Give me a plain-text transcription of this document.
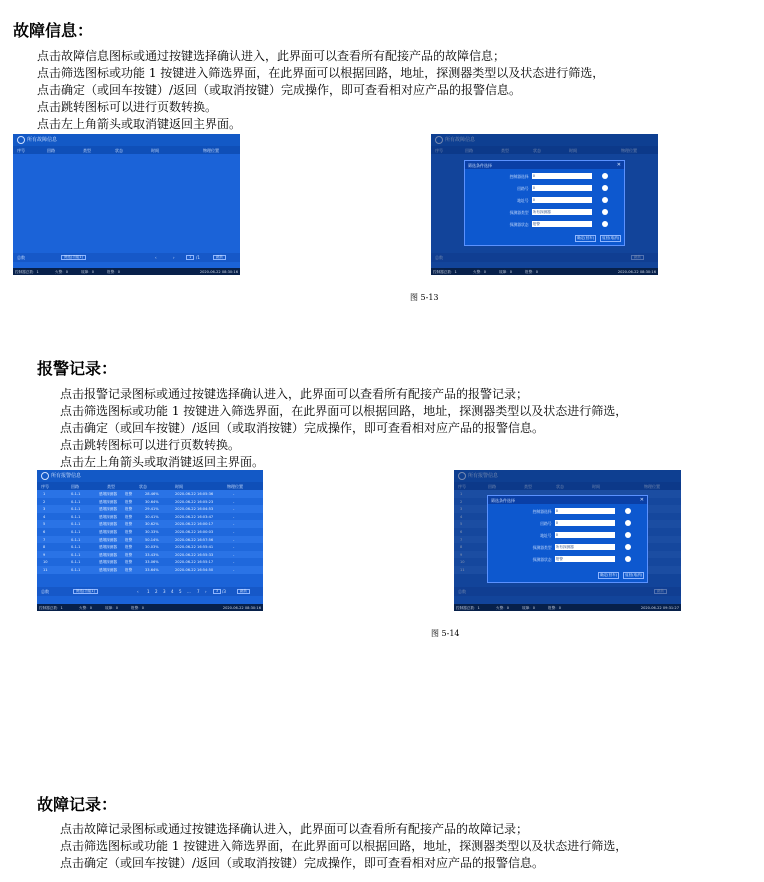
故障信息：
点击故障信息图标或通过按键选择确认进入，此界面可以查看所有配接产品的故障信息；
点击筛选图标或功能 1 按键进入筛选界面，在此界面可以根据回路，地址，探测器类型以及状态进行筛选，
点击确定（或回车按键）/返回（或取消按键）完成操作，即可查看相对应产品的报警信息。
点击跳转图标可以进行页数转换。
点击左上角箭头或取消键返回主界面。
所有故障信息
序号	回路	类型	状态	时间	物理位置
总数	筛选(功能1)	‹	›	1	/1	跳转
控制器总数：1	火警：0	故障：0	报警：0	2020-06-22 08:30:16
所有故障信息
序号	回路	类型	状态	时间	物理位置
总数	跳转
筛选条件选择	✕
控制器选择 0
回路号 0
地址号 0
探测器类型 所有探测器
探测器状态 报警
确定(回车)	返回(取消)
控制器总数：1	火警：0	故障：0	报警：0	2020-06-22 08:30:16
图 5-13
报警记录：
点击报警记录图标或通过按键选择确认进入，此界面可以查看所有配接产品的报警记录；
点击筛选图标或功能 1 按键进入筛选界面，在此界面可以根据回路，地址，探测器类型以及状态进行筛选，
点击确定（或回车按键）/返回（或取消按键）完成操作，即可查看相对应产品的报警信息。
点击跳转图标可以进行页数转换。
点击左上角箭头或取消键返回主界面。
所有报警信息
序号	回路	类型	状态	时间	物理位置
1	0-1-1	感烟探测器 报警	28.46%	2020-06-22 16:05:36	-
2	0-1-1	感烟探测器 报警	30.64%	2020-06-22 16:05:23	-
3	0-1-1	感烟探测器 报警	29.41%	2020-06-22 16:04:53	-
4	0-1-1	感烟探测器 报警	30.41%	2020-06-22 16:03:47	-
5	0-1-1	感烟探测器 报警	30.62%	2020-06-22 16:00:17	-
6	0-1-1	感烟探测器 报警	30.33%	2020-06-22 16:00:03	-
7	0-1-1	感烟探测器 报警	50.14%	2020-06-22 16:57:56	-
8	0-1-1	感烟探测器 报警	30.03%	2020-06-22 16:55:41	-
9	0-1-1	感烟探测器 报警	33.43%	2020-06-22 16:55:33	-
10	0-1-1	感烟探测器 报警	33.06%	2020-06-22 16:55:17	-
11	0-1-1	感烟探测器 报警	33.64%	2020-06-22 16:54:50	-
总数	筛选(功能1)	‹ 1 2 3 4 5 ... 7 ›	3 /3	跳转
控制器总数：1	火警：0	故障：0	报警：0	2020-06-22 08:30:16
所有报警信息
序号	回路	类型	状态	时间	物理位置
1
2
3
4
5
6
7
8
9
10
11
总数	跳转
筛选条件选择	✕
控制器选择 0
回路号 0
地址号 0
探测器类型 所有探测器
探测器状态 报警
确定(回车)	返回(取消)
控制器总数：1	火警：0	故障：0	报警：0	2020-06-22 09:31:27
图 5-14
故障记录：
点击故障记录图标或通过按键选择确认进入，此界面可以查看所有配接产品的故障记录；
点击筛选图标或功能 1 按键进入筛选界面，在此界面可以根据回路，地址，探测器类型以及状态进行筛选，
点击确定（或回车按键）/返回（或取消按键）完成操作，即可查看相对应产品的报警信息。
